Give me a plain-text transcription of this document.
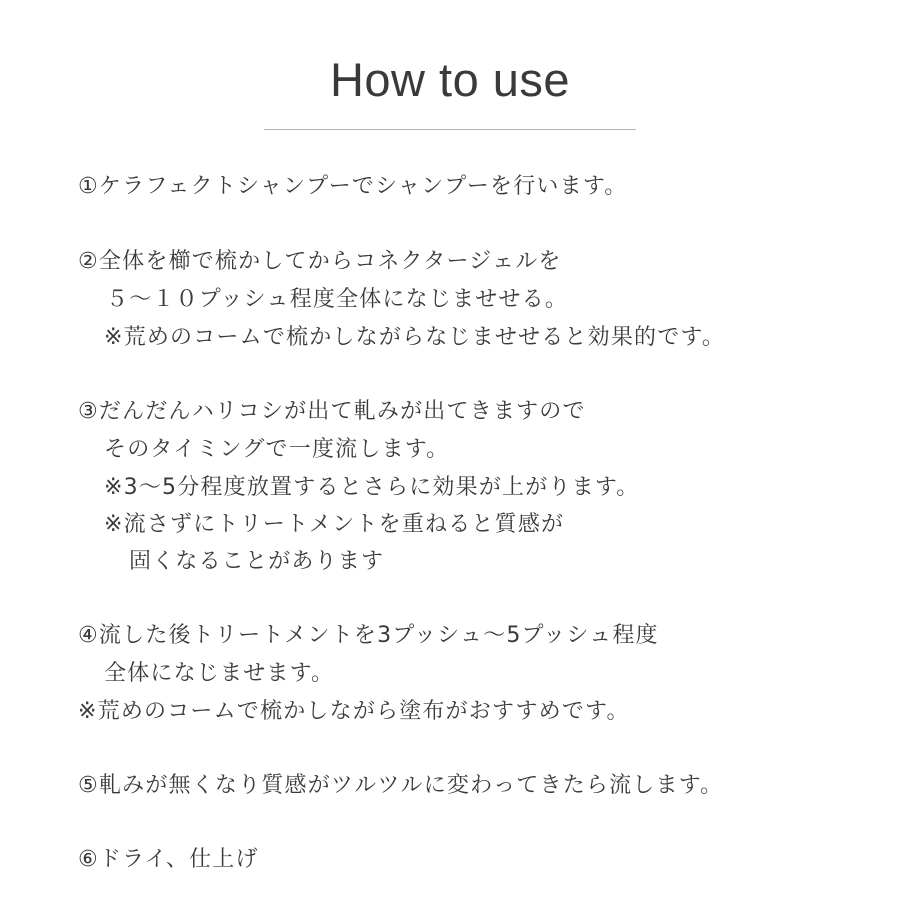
How to use
①ケラフェクトシャンプーでシャンプーを行います。
②全体を櫛で梳かしてからコネクタージェルを
５～１０プッシュ程度全体になじませせる。
※荒めのコームで梳かしながらなじませせると効果的です。
③だんだんハリコシが出て軋みが出てきますので
そのタイミングで一度流します。
※3～5分程度放置するとさらに効果が上がります。
※流さずにトリートメントを重ねると質感が
固くなることがあります
④流した後トリートメントを3プッシュ～5プッシュ程度
全体になじませます。
※荒めのコームで梳かしながら塗布がおすすめです。
⑤軋みが無くなり質感がツルツルに変わってきたら流します。
⑥ドライ、仕上げ
